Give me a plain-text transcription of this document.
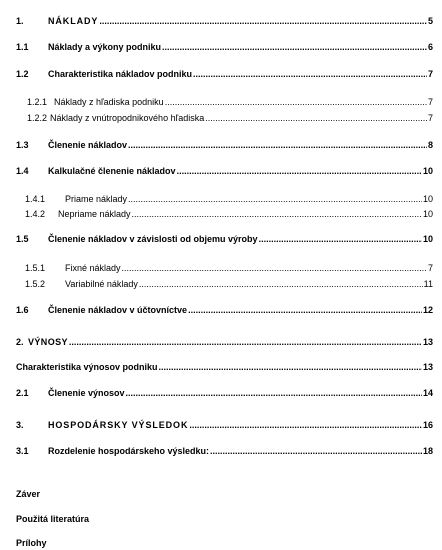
1.	NÁKLADY .....	5
1.1	Náklady a výkony podniku .....	6
1.2	Charakteristika nákladov podniku .....	7
1.2.1 Náklady z hľadiska podniku .....	7
1.2.2 Náklady z vnútropodnikového hľadiska .....	7
1.3	Členenie nákladov .....	8
1.4	Kalkulačné členenie nákladov .....	10
1.4.1	Priame náklady .....	10
1.4.2	Nepriame náklady .....	10
1.5	Členenie nákladov v závislosti od objemu výroby .....	10
1.5.1	Fixné náklady .....	7
1.5.2	Variabilné náklady .....	11
1.6	Členenie nákladov v účtovníctve .....	12
2. VÝNOSY .....	13
Charakteristika výnosov podniku .....	13
2.1	Členenie výnosov .....	14
3.	HOSPODÁRSKY VÝSLEDOK .....	16
3.1	Rozdelenie hospodárskeho výsledku: .....	18
Záver
Použitá literatúra
Prílohy
